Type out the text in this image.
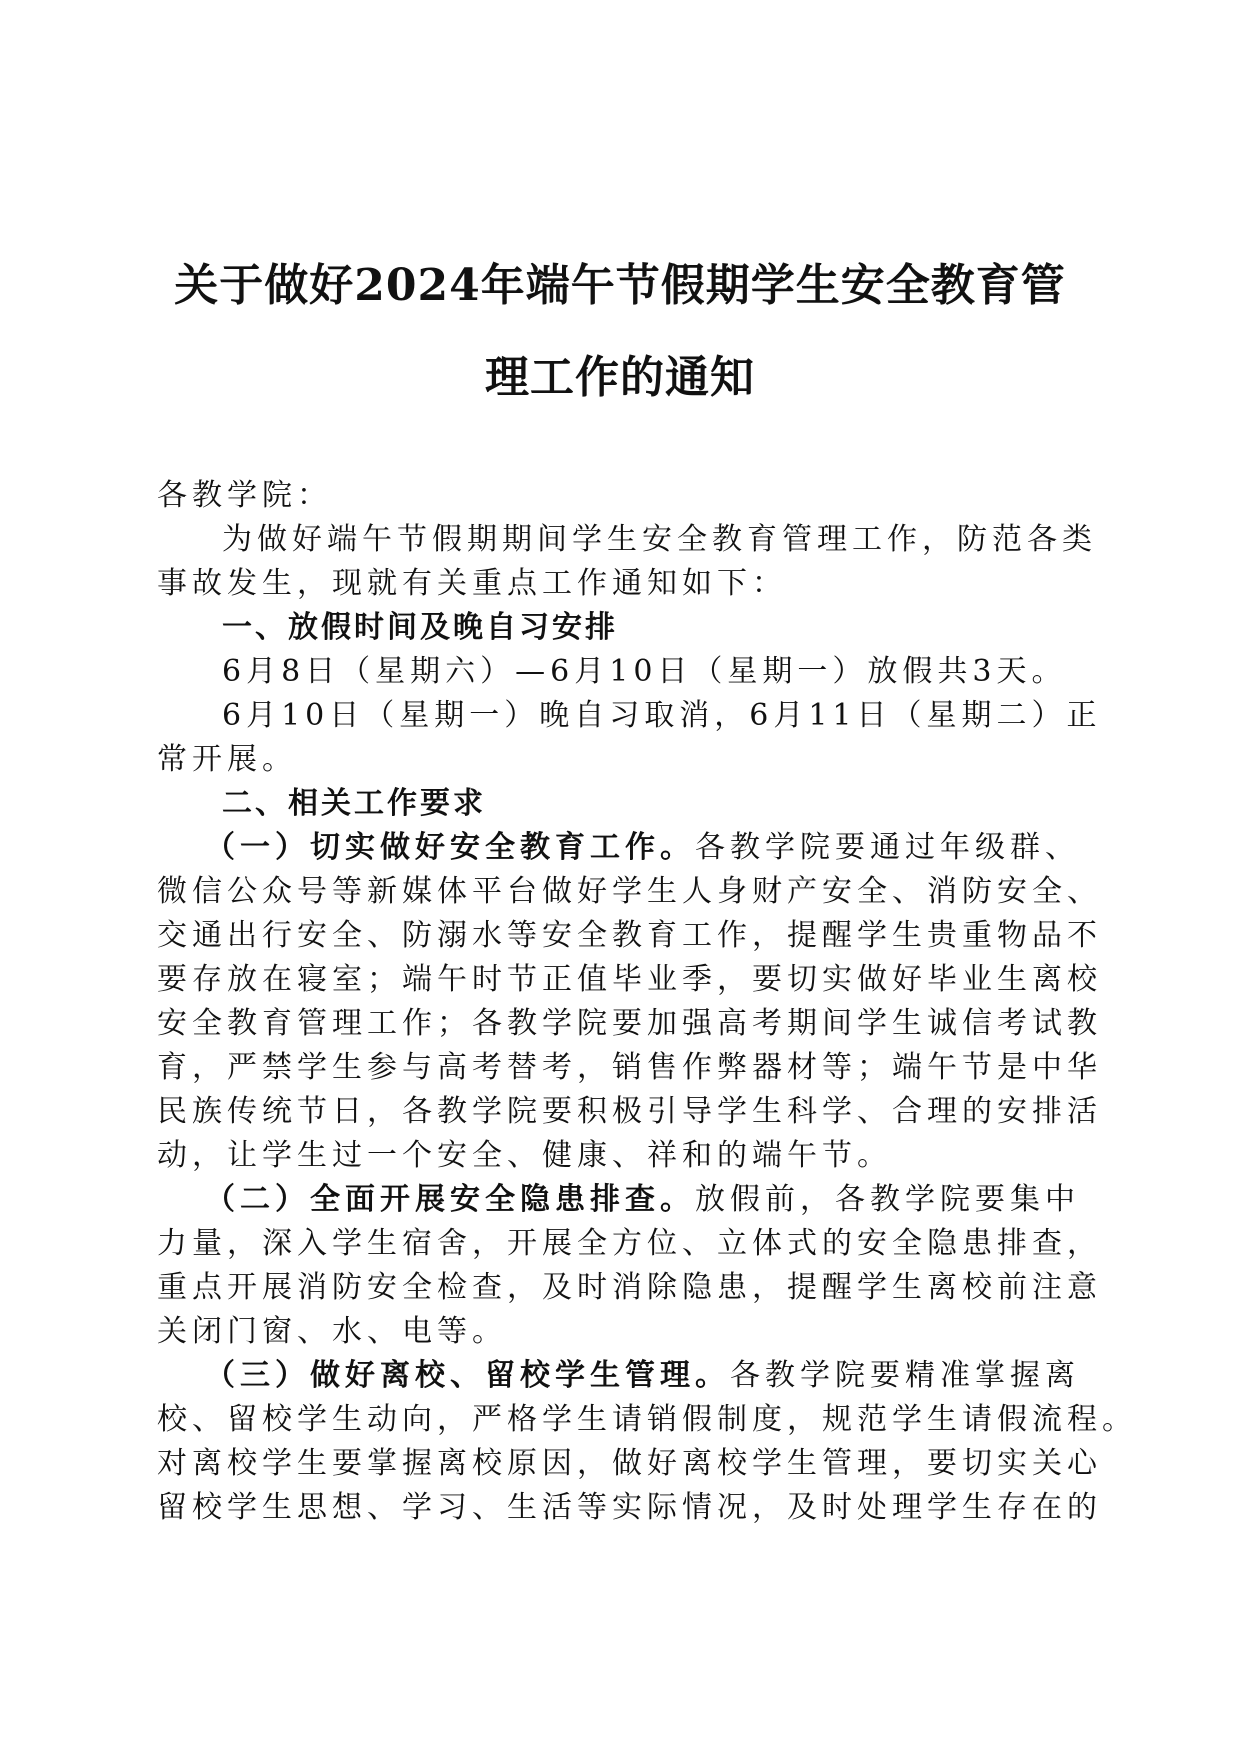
关于做好2024年端午节假期学生安全教育管
理工作的通知
各教学院：
为做好端午节假期期间学生安全教育管理工作，防范各类
事故发生，现就有关重点工作通知如下：
一、放假时间及晚自习安排
6月8日（星期六）—6月10日（星期一）放假共3天。
6月10日（星期一）晚自习取消，6月11日（星期二）正
常开展。
二、相关工作要求
（一）切实做好安全教育工作。各教学院要通过年级群、
微信公众号等新媒体平台做好学生人身财产安全、消防安全、
交通出行安全、防溺水等安全教育工作，提醒学生贵重物品不
要存放在寝室；端午时节正值毕业季，要切实做好毕业生离校
安全教育管理工作；各教学院要加强高考期间学生诚信考试教
育，严禁学生参与高考替考，销售作弊器材等；端午节是中华
民族传统节日，各教学院要积极引导学生科学、合理的安排活
动，让学生过一个安全、健康、祥和的端午节。
（二）全面开展安全隐患排查。放假前，各教学院要集中
力量，深入学生宿舍，开展全方位、立体式的安全隐患排查，
重点开展消防安全检查，及时消除隐患，提醒学生离校前注意
关闭门窗、水、电等。
（三）做好离校、留校学生管理。各教学院要精准掌握离
校、留校学生动向，严格学生请销假制度，规范学生请假流程。
对离校学生要掌握离校原因，做好离校学生管理，要切实关心
留校学生思想、学习、生活等实际情况，及时处理学生存在的
